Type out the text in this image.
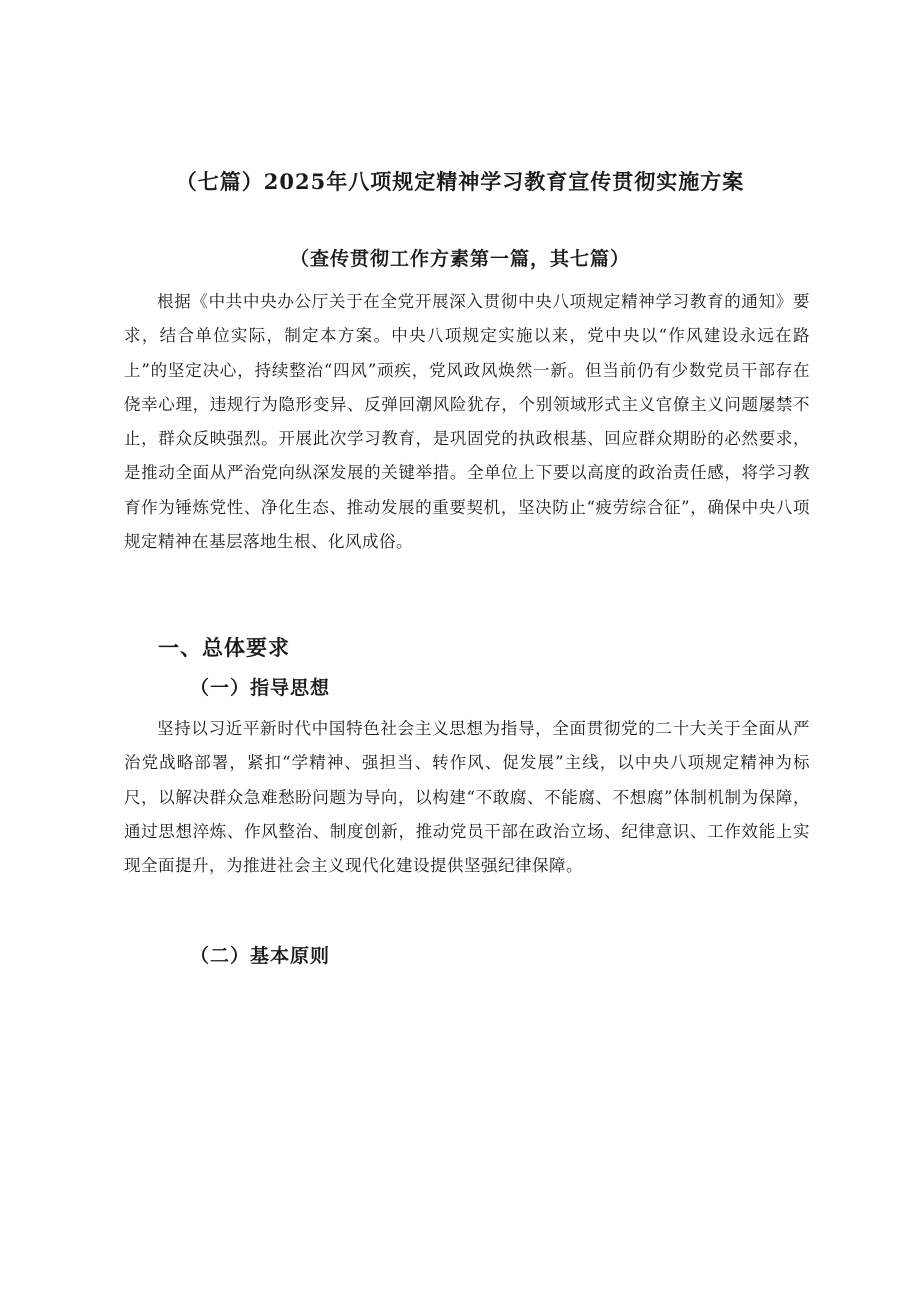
（七篇）2025年八项规定精神学习教育宣传贯彻实施方案
（查传贯彻工作方素第一篇，其七篇）

根据《中共中央办公厅关于在全党开展深入贯彻中央八项规定精神学习教育的通知》要求，结合单位实际，制定本方案。中央八项规定实施以来，党中央以“作风建设永远在路上”的坚定决心，持续整治“四风”顽疾，党风政风焕然一新。但当前仍有少数党员干部存在侥幸心理，违规行为隐形变异、反弹回潮风险犹存，个别领域形式主义官僚主义问题屡禁不止，群众反映强烈。开展此次学习教育，是巩固党的执政根基、回应群众期盼的必然要求，是推动全面从严治党向纵深发展的关键举措。全单位上下要以高度的政治责任感，将学习教育作为锤炼党性、净化生态、推动发展的重要契机，坚决防止“疲劳综合征”，确保中央八项规定精神在基层落地生根、化风成俗。

一、总体要求
（一）指导思想

坚持以习近平新时代中国特色社会主义思想为指导，全面贯彻党的二十大关于全面从严治党战略部署，紧扣“学精神、强担当、转作风、促发展”主线，以中央八项规定精神为标尺，以解决群众急难愁盼问题为导向，以构建“不敢腐、不能腐、不想腐”体制机制为保障，通过思想淬炼、作风整治、制度创新，推动党员干部在政治立场、纪律意识、工作效能上实现全面提升，为推进社会主义现代化建设提供坚强纪律保障。

（二）基本原则
